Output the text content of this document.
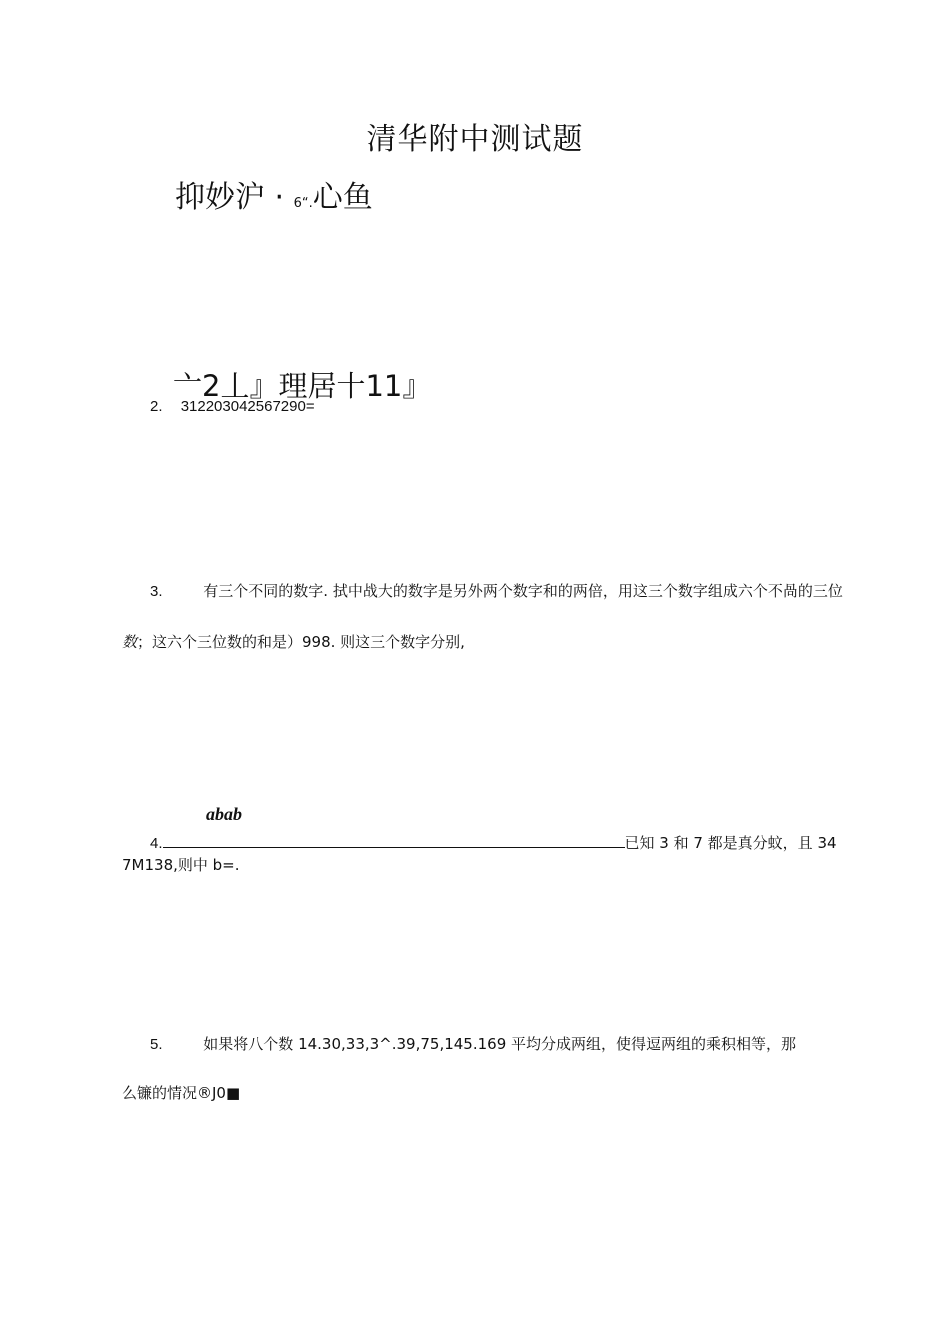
清华附中测试题
抑妙沪 · 6“.心鱼
亠2丄』理居十11』
2. 312203042567290=
3.	有三个不同的数字. 拭中战大的数字是另外两个数字和的两倍，用这三个数字组成六个不咼的三位
数；这六个三位数的和是）998. 则这三个数字分别,
abab
4.	已知 3 和 7 都是真分蚊，且 34
7M138,则中 b=.
5.	如果将八个数 14.30,33,3^.39,75,145.169 平均分成两组，使得逗两组的乘积相等，那
么镰的情况®J0■
